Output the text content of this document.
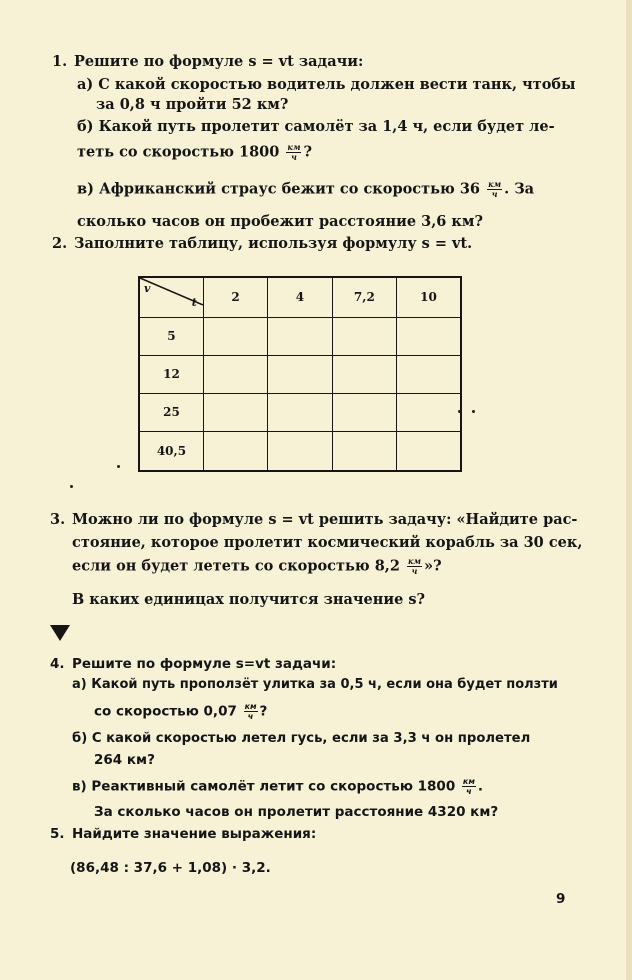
1. Решите по формуле s = vt задачи:
а) С какой скоростью водитель должен вести танк, чтобы
за 0,8 ч пройти 52 км?
б) Какой путь пролетит самолёт за 1,4 ч, если будет ле-
теть со скоростью $1800 \frac{км}{ч}$ ?
в) Африканский страус бежит со скоростью $36 \frac{км}{ч}$ . За
сколько часов он пробежит расстояние 3,6 км?
2. Заполните таблицу, используя формулу s = vt.
v
t	2	4	7,2	10
5				
12				
25				
40,5				
3. Можно ли по формуле s = vt решить задачу: «Найдите рас-
стояние, которое пролетит космический корабль за 30 сек,
если он будет лететь со скоростью $8,2 \frac{км}{ч}$ »?
В каких единицах получится значение s?
4. Решите по формуле s=vt задачи:
а) Какой путь проползёт улитка за 0,5 ч, если она будет ползти
со скоростью $0,07 \frac{км}{ч}$ ?
б) С какой скоростью летел гусь, если за 3,3 ч он пролетел
264 км?
в) Реактивный самолёт летит со скоростью $1800 \frac{км}{ч}$ .
За сколько часов он пролетит расстояние 4320 км?
5. Найдите значение выражения:
(86,48 : 37,6 + 1,08) · 3,2.
9
